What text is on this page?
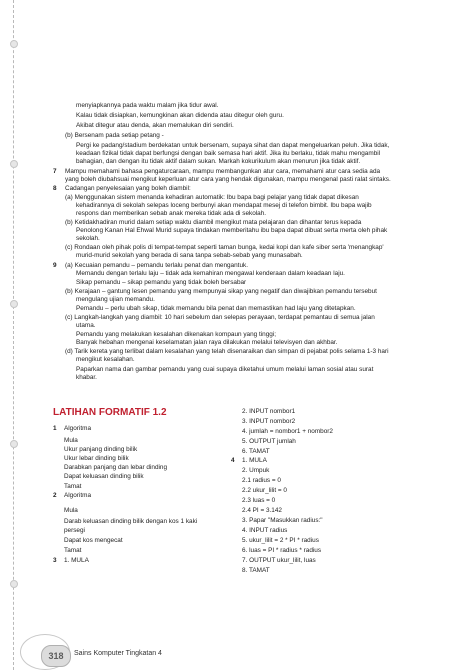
menyiapkannya pada waktu malam jika tidur awal.
Kalau tidak disiapkan, kemungkinan akan didenda atau ditegur oleh guru.
Akibat ditegur atau denda, akan memalukan diri sendiri.
(b) Bersenam pada setiap petang -
Pergi ke padang/stadium berdekatan untuk bersenam, supaya sihat dan dapat mengeluarkan peluh. Jika tidak,
keadaan fizikal tidak dapat berfungsi dengan baik semasa hari aktif. Jika itu berlaku, tidak mahu mengambil
bahagian, dan dengan itu tidak aktif dalam sukan. Markah kokurikulum akan menurun jika tidak aktif.
7 Mampu memahami bahasa pengaturcaraan, mampu membangunkan atur cara, memahami atur cara sedia ada
yang boleh diubahsuai mengikut keperluan atur cara yang hendak digunakan, mampu mengenal pasti ralat sintaks.
8 Cadangan penyelesaian yang boleh diambil:
(a) Menggunakan sistem menanda kehadiran automatik: Ibu bapa bagi pelajar yang tidak dapat dikesan
kehadirannya di sekolah selepas loceng berbunyi akan mendapat mesej di telefon bimbit. Ibu bapa wajib
respons dan memberikan sebab anak mereka tidak ada di sekolah.
(b) Ketidakhadiran murid dalam setiap waktu diambil mengikut mata pelajaran dan dihantar terus kepada
Penolong Kanan Hal Ehwal Murid supaya tindakan memberitahu ibu bapa dapat dibuat serta merta oleh pihak
sekolah.
(c) Rondaan oleh pihak polis di tempat-tempat seperti taman bunga, kedai kopi dan kafe siber serta 'menangkap'
murid-murid sekolah yang berada di sana tanpa sebab-sebab yang munasabah.
9 (a) Kecuaian pemandu – pemandu terlalu penat dan mengantuk.
Memandu dengan terlalu laju – tidak ada kemahiran mengawal kenderaan dalam keadaan laju.
Sikap pemandu – sikap pemandu yang tidak boleh bersabar
(b) Kerajaan – gantung lesen pemandu yang mempunyai sikap yang negatif dan diwajibkan pemandu tersebut
mengulang ujian memandu.
Pemandu – perlu ubah sikap, tidak memandu bila penat dan memastikan had laju yang ditetapkan.
(c) Langkah-langkah yang diambil: 10 hari sebelum dan selepas perayaan, terdapat pemantau di semua jalan
utama.
Pemandu yang melakukan kesalahan dikenakan kompaun yang tinggi;
Banyak hebahan mengenai keselamatan jalan raya dilakukan melalui televisyen dan akhbar.
(d) Tarik kereta yang terlibat dalam kesalahan yang telah disenaraikan dan simpan di pejabat polis selama 1-3 hari
mengikut kesalahan.
Paparkan nama dan gambar pemandu yang cuai supaya diketahui umum melalui laman sosial atau surat
khabar.
LATIHAN FORMATIF 1.2
1 Algoritma
Mula
Ukur panjang dinding bilik
Ukur lebar dinding bilik
Darabkan panjang dan lebar dinding
Dapat keluasan dinding bilik
Tamat
2 Algoritma
Mula
Darab keluasan dinding bilik dengan kos 1 kaki
persegi
Dapat kos mengecat
Tamat
3 1. MULA
2. INPUT nombor1
3. INPUT nombor2
4. jumlah = nombor1 + nombor2
5. OUTPUT jumlah
6. TAMAT
4 1. MULA
2. Umpuk
2.1 radius = 0
2.2 ukur_lilit = 0
2.3 luas = 0
2.4 PI = 3.142
3. Papar "Masukkan radius:"
4. INPUT radius
5. ukur_lilit = 2 * PI * radius
6. luas = PI * radius * radius
7. OUTPUT ukur_lilit, luas
8. TAMAT
318	Sains Komputer Tingkatan 4
